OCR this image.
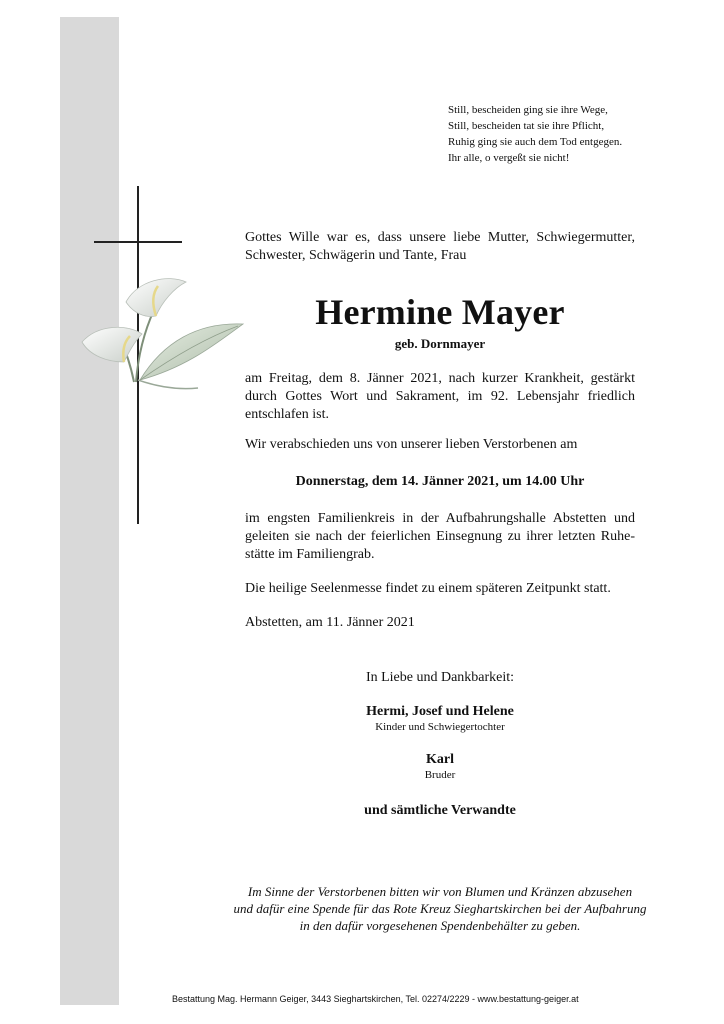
Still, bescheiden ging sie ihre Wege,
Still, bescheiden tat sie ihre Pflicht,
Ruhig ging sie auch dem Tod entgegen.
Ihr alle, o vergeßt sie nicht!
Gottes Wille war es, dass unsere liebe Mutter, Schwiegermutter, Schwester, Schwägerin und Tante, Frau
Hermine Mayer
geb. Dornmayer
am Freitag, dem 8. Jänner 2021, nach kurzer Krankheit, gestärkt durch Gottes Wort und Sakrament, im 92. Lebensjahr friedlich entschlafen ist.
Wir verabschieden uns von unserer lieben Verstorbenen am
Donnerstag, dem 14. Jänner 2021, um 14.00 Uhr
im engsten Familienkreis in der Aufbahrungshalle Abstetten und geleiten sie nach der feierlichen Einsegnung zu ihrer letzten Ruhestätte im Familiengrab.
Die heilige Seelenmesse findet zu einem späteren Zeitpunkt statt.
Abstetten, am 11. Jänner 2021
In Liebe und Dankbarkeit:
Hermi, Josef und Helene
Kinder und Schwiegertochter
Karl
Bruder
und sämtliche Verwandte
Im Sinne der Verstorbenen bitten wir von Blumen und Kränzen abzusehen
und dafür eine Spende für das Rote Kreuz Sieghartskirchen bei der Aufbahrung
in den dafür vorgesehenen Spendenbehälter zu geben.
Bestattung Mag. Hermann Geiger, 3443 Sieghartskirchen, Tel. 02274/2229 - www.bestattung-geiger.at
